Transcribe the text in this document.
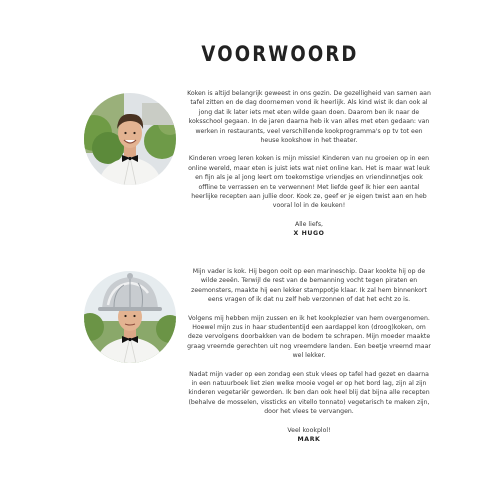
VOORWOORD

Koken is altijd belangrijk geweest in ons gezin. De gezelligheid van samen aan tafel zitten en de dag doornemen vond ik heerlijk. Als kind wist ik dan ook al jong dat ik later iets met eten wilde gaan doen. Daarom ben ik naar de koksschool gegaan. In de jaren daarna heb ik van alles met eten gedaan: van werken in restaurants, veel verschillende kookprogramma's op tv tot een heuse kookshow in het theater.

Kinderen vroeg leren koken is mijn missie! Kinderen van nu groeien op in een online wereld, maar eten is juist iets wat niet online kan. Het is maar wat leuk en fijn als je al jong leert om toekomstige vriendjes en vriendinnetjes ook offline te verrassen en te verwennen! Met liefde geef ik hier een aantal heerlijke recepten aan jullie door. Kook ze, geef er je eigen twist aan en heb vooral lol in de keuken!

Alle liefs,
X HUGO

Mijn vader is kok. Hij begon ooit op een marineschip. Daar kookte hij op de wilde zeeën. Terwijl de rest van de bemanning vocht tegen piraten en zeemonsters, maakte hij een lekker stamppotje klaar. Ik zal hem binnenkort eens vragen of ik dat nu zelf heb verzonnen of dat het echt zo is.

Volgens mij hebben mijn zussen en ik het kookplezier van hem overgenomen. Hoewel mijn zus in haar studententijd een aardappel kon (droog)koken, om deze vervolgens doorbakken van de bodem te schrapen. Mijn moeder maakte graag vreemde gerechten uit nog vreemdere landen. Een beetje vreemd maar wel lekker.

Nadat mijn vader op een zondag een stuk vlees op tafel had gezet en daarna in een natuurboek liet zien welke mooie vogel er op het bord lag, zijn al zijn kinderen vegetariër geworden. Ik ben dan ook heel blij dat bijna alle recepten (behalve de mosselen, vissticks en vitello tonnato) vegetarisch te maken zijn, door het vlees te vervangen.

Veel kookplol!
MARK
